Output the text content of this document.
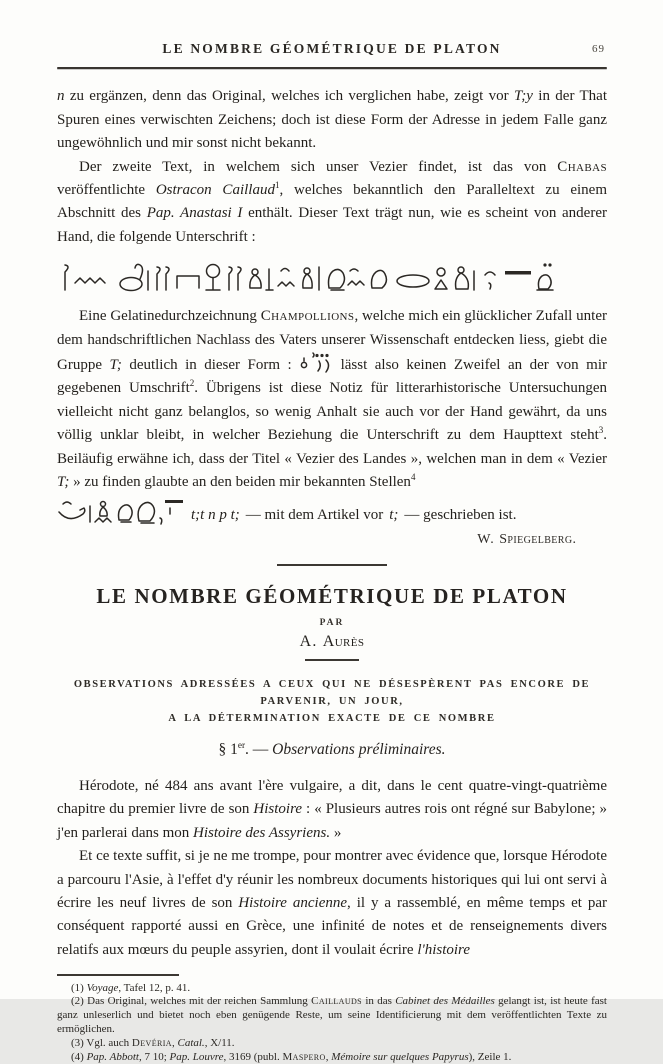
LE NOMBRE GÉOMÉTRIQUE DE PLATON	69

n zu ergänzen, denn das Original, welches ich verglichen habe, zeigt vor T;y in der That Spuren eines verwischten Zeichens; doch ist diese Form der Adresse in jedem Falle ganz ungewöhnlich und mir sonst nicht bekannt.

Der zweite Text, in welchem sich unser Vezier findet, ist das von Chabas veröffentlichte Ostracon Caillaud$^1$, welches bekanntlich den Paralleltext zu einem Abschnitt des Pap. Anastasi I enthält. Dieser Text trägt nun, wie es scheint von anderer Hand, die folgende Unterschrift :

Eine Gelatinedurchzeichnung Champollions, welche mich ein glücklicher Zufall unter dem handschriftlichen Nachlass des Vaters unserer Wissenschaft entdecken liess, giebt die Gruppe T; deutlich in dieser Form :	lässt also keinen Zweifel an der von mir gegebenen Umschrift$^2$. Übrigens ist diese Notiz für litterarhistorische Untersuchungen vielleicht nicht ganz belanglos, so wenig Anhalt sie auch vor der Hand gewährt, da uns völlig unklar bleibt, in welcher Beziehung die Unterschrift zu dem Haupttext steht$^3$. Beiläufig erwähne ich, dass der Titel « Vezier des Landes », welchen man in dem « Vezier T; » zu finden glaubte an den beiden mir bekannten Stellen$^4$

t;t n p t; — mit dem Artikel vor t; — geschrieben ist.
W. Spiegelberg.
LE NOMBRE GÉOMÉTRIQUE DE PLATON
PAR
A. Aurès
OBSERVATIONS ADRESSÉES A CEUX QUI NE DÉSESPÈRENT PAS ENCORE DE PARVENIR, UN JOUR,
A LA DÉTERMINATION EXACTE DE CE NOMBRE
§ 1er. — Observations préliminaires.

Hérodote, né 484 ans avant l'ère vulgaire, a dit, dans le cent quatre-vingt-quatrième chapitre du premier livre de son Histoire : « Plusieurs autres rois ont régné sur Babylone; » j'en parlerai dans mon Histoire des Assyriens. »

Et ce texte suffit, si je ne me trompe, pour montrer avec évidence que, lorsque Hérodote a parcouru l'Asie, à l'effet d'y réunir les nombreux documents historiques qui lui ont servi à écrire les neuf livres de son Histoire ancienne, il y a rassemblé, en même temps et par conséquent rapporté aussi en Grèce, une infinité de notes et de renseignements divers relatifs aux mœurs du peuple assyrien, dont il voulait écrire l'histoire

(1) Voyage, Tafel 12, p. 41.

(2) Das Original, welches mit der reichen Sammlung Caillauds in das Cabinet des Médailles gelangt ist, ist heute fast ganz unleserlich und bietet noch eben genügende Reste, um seine Identificierung mit dem veröffentlichten Texte zu ermöglichen.

(3) Vgl. auch Devéria, Catal., X/11.

(4) Pap. Abbott, 7 10; Pap. Louvre, 3169 (publ. Maspero, Mémoire sur quelques Papyrus), Zeile 1.
